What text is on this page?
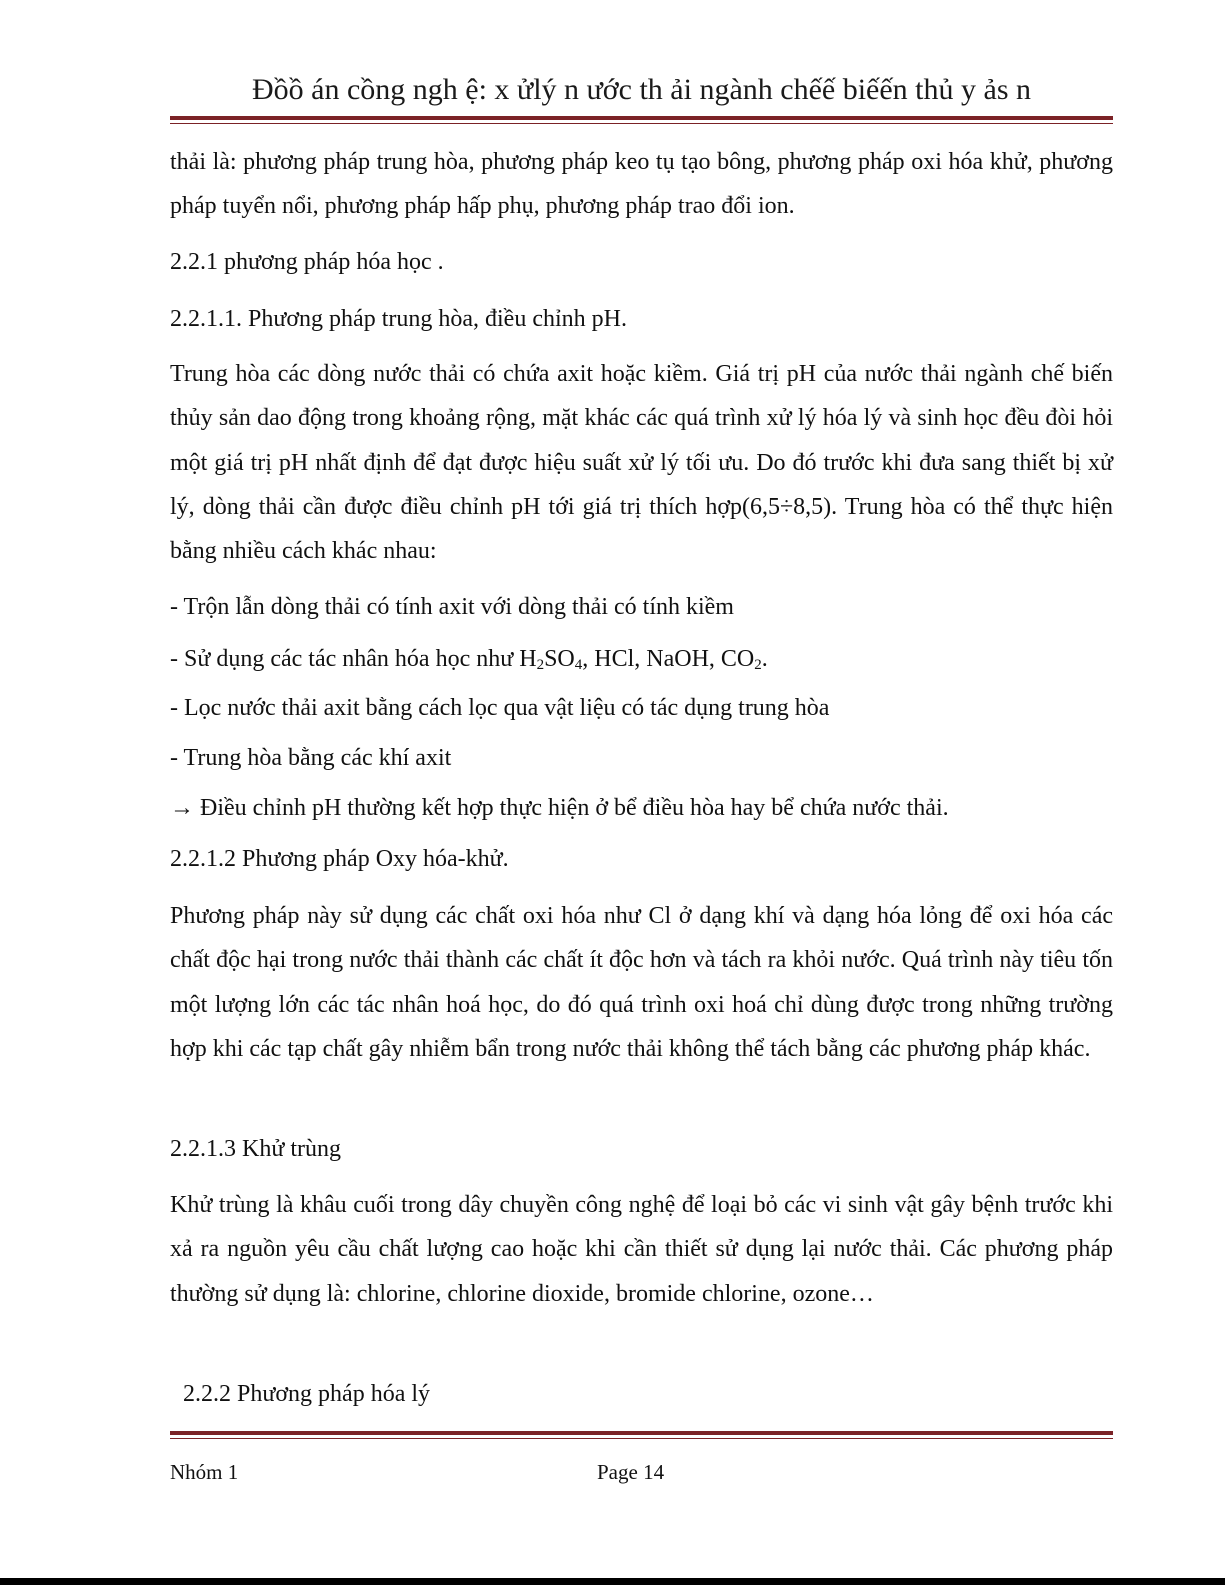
Đồồ án cồng ngh ệ: x ửlý n ước th ải ngành chếế biếến thủ y ảs n
thải là: phương pháp trung hòa, phương pháp keo tụ tạo bông, phương pháp oxi hóa khử, phương pháp tuyển nổi, phương pháp hấp phụ, phương pháp trao đổi ion.
2.2.1 phương pháp hóa học .
2.2.1.1. Phương pháp trung hòa, điều chỉnh pH.
Trung hòa các dòng nước thải có chứa axit hoặc kiềm. Giá trị pH của nước thải ngành chế biến thủy sản dao động trong khoảng rộng, mặt khác các quá trình xử lý hóa lý và sinh học đều đòi hỏi một giá trị pH nhất định để đạt được hiệu suất xử lý tối ưu. Do đó trước khi đưa sang thiết bị xử lý, dòng thải cần được điều chỉnh pH tới giá trị thích hợp(6,5÷8,5). Trung hòa có thể thực hiện bằng nhiều cách khác nhau:
- Trộn lẫn dòng thải có tính axit với dòng thải có tính kiềm
- Sử dụng các tác nhân hóa học như $H_2SO_4$, HCl, NaOH, $CO_2$.
- Lọc nước thải axit bằng cách lọc qua vật liệu có tác dụng trung hòa
- Trung hòa bằng các khí axit
→ Điều chỉnh pH thường kết hợp thực hiện ở bể điều hòa hay bể chứa nước thải.
2.2.1.2 Phương pháp Oxy hóa-khử.
Phương pháp này sử dụng các chất oxi hóa như Cl ở dạng khí và dạng hóa lỏng để oxi hóa các chất độc hại trong nước thải thành các chất ít độc hơn và tách ra khỏi nước. Quá trình này tiêu tốn một lượng lớn các tác nhân hoá học, do đó quá trình oxi hoá chỉ dùng được trong những trường hợp khi các tạp chất gây nhiễm bẩn trong nước thải không thể tách bằng các phương pháp khác.
2.2.1.3 Khử trùng
Khử trùng là khâu cuối trong dây chuyền công nghệ để loại bỏ các vi sinh vật gây bệnh trước khi xả ra nguồn yêu cầu chất lượng cao hoặc khi cần thiết sử dụng lại nước thải. Các phương pháp thường sử dụng là: chlorine, chlorine dioxide, bromide chlorine, ozone…
2.2.2 Phương pháp hóa lý
Nhóm 1	Page 14
